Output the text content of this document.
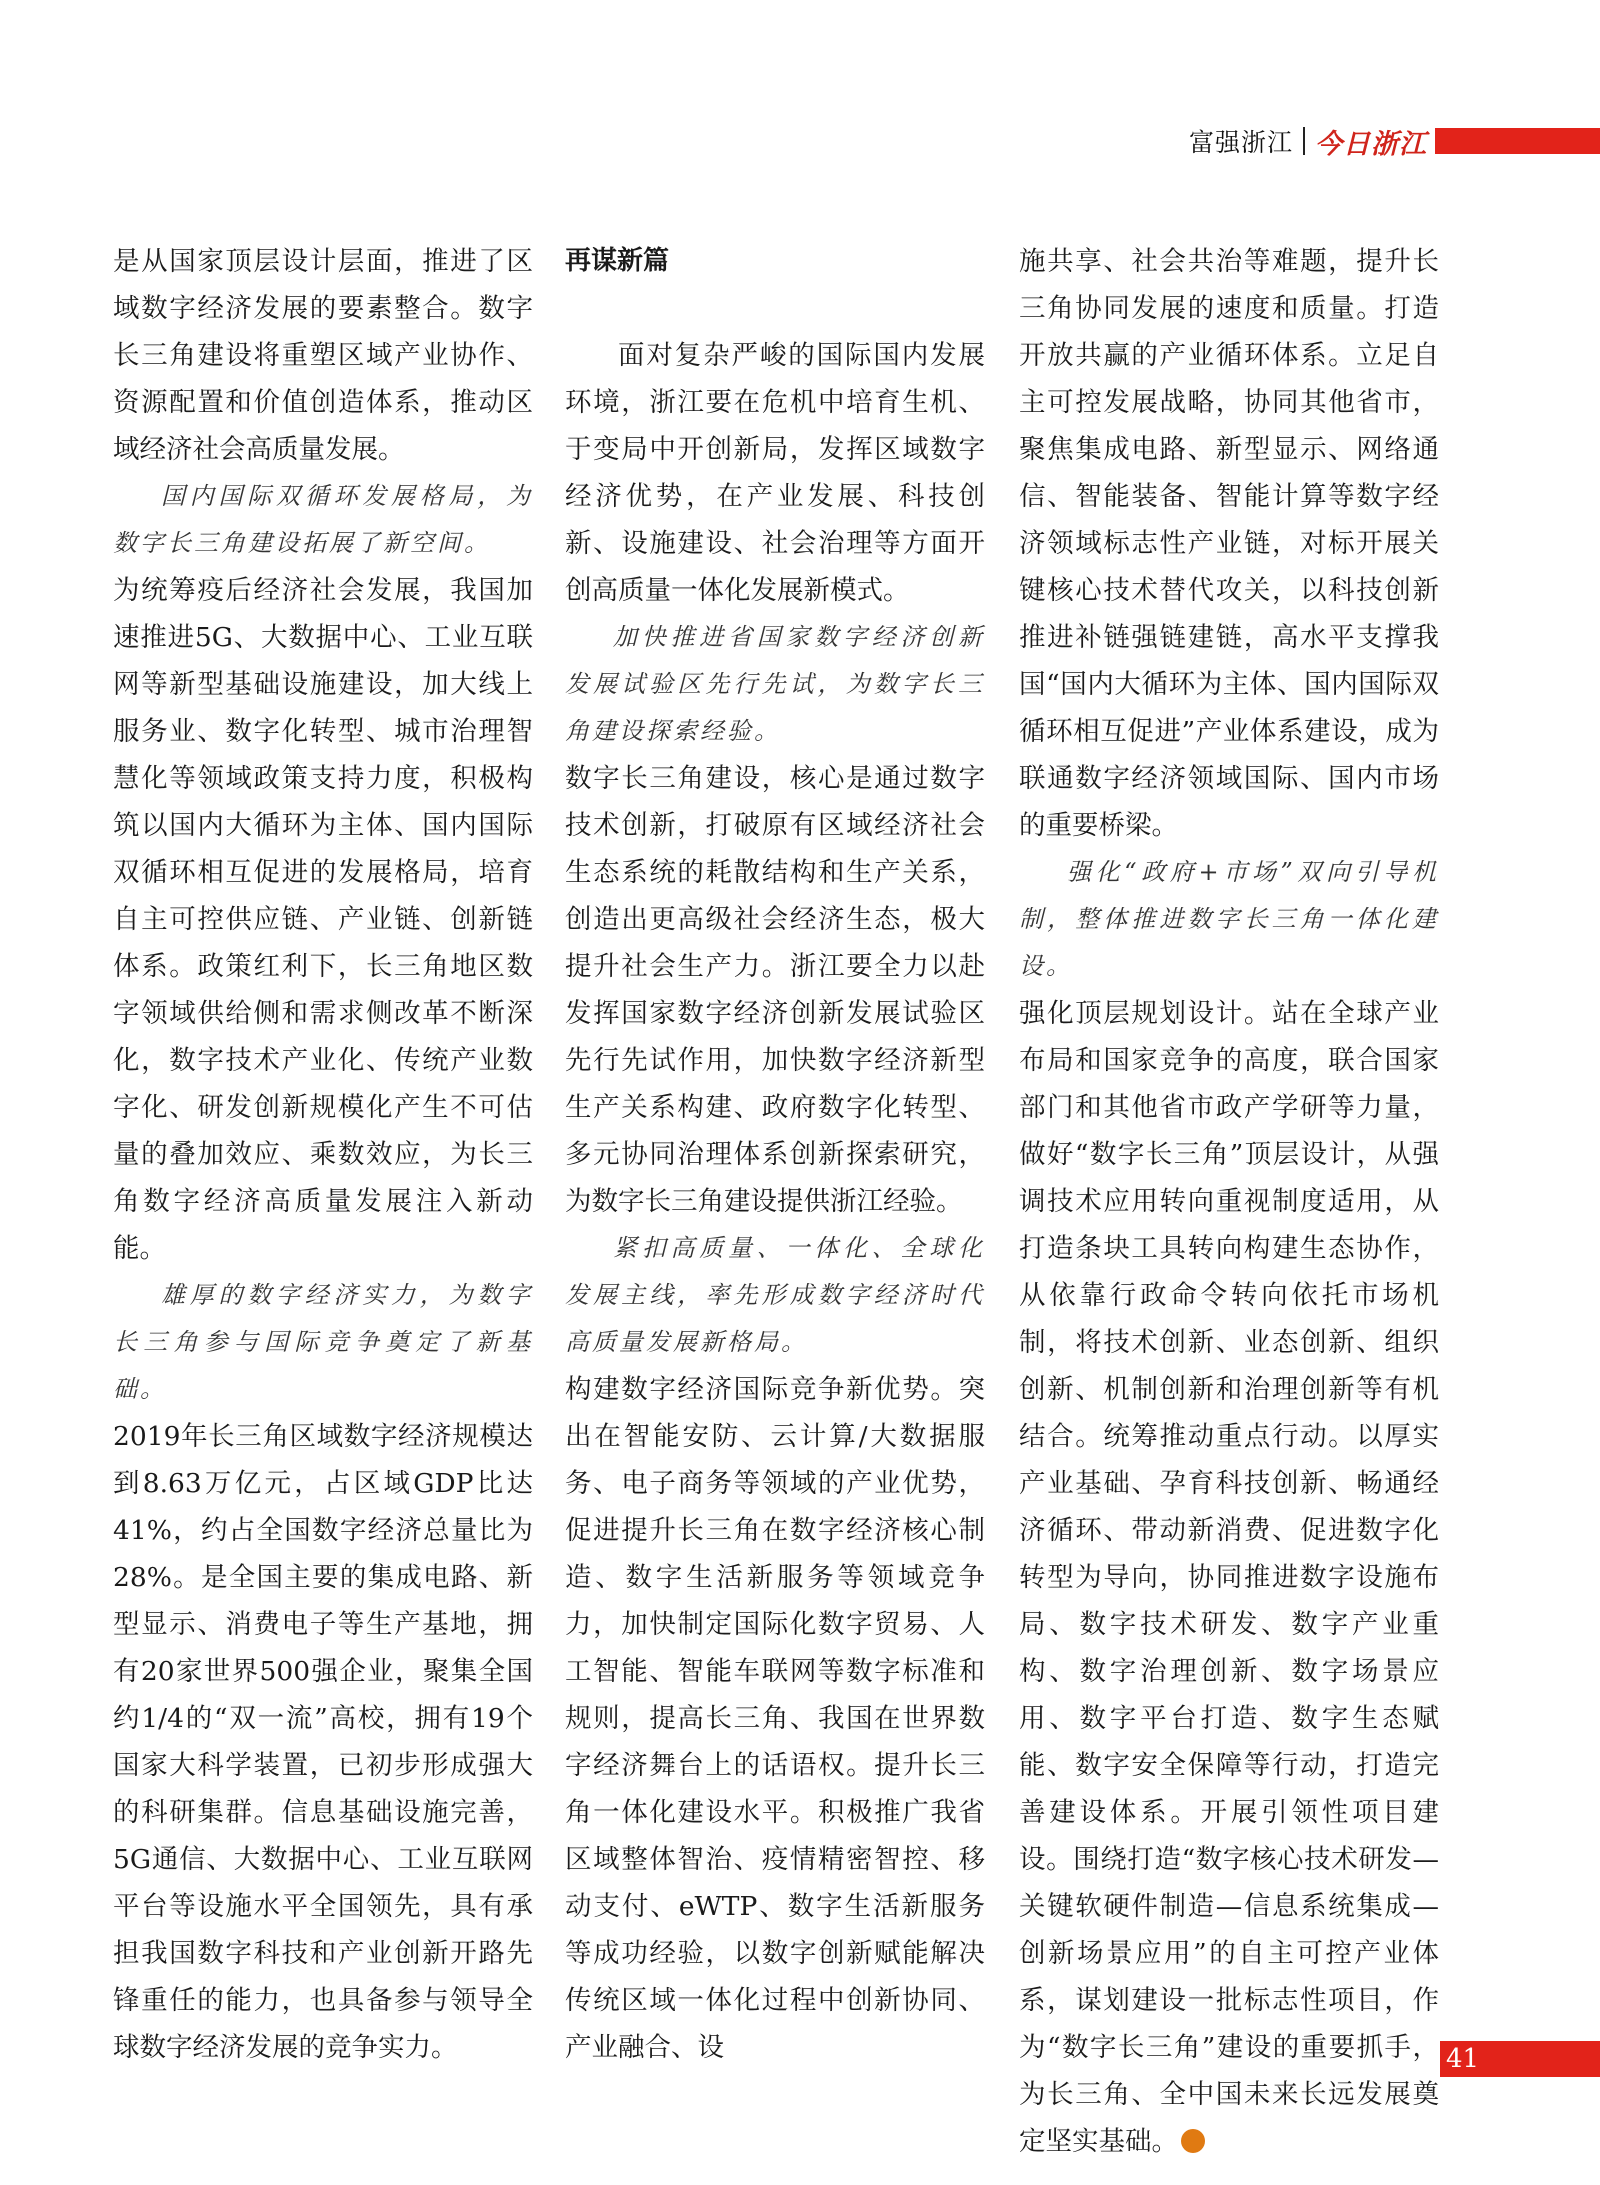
富强浙江 今日浙江

是从国家顶层设计层面，推进了区域数字经济发展的要素整合。数字长三角建设将重塑区域产业协作、资源配置和价值创造体系，推动区域经济社会高质量发展。

国内国际双循环发展格局，为数字长三角建设拓展了新空间。

为统筹疫后经济社会发展，我国加速推进5G、大数据中心、工业互联网等新型基础设施建设，加大线上服务业、数字化转型、城市治理智慧化等领域政策支持力度，积极构筑以国内大循环为主体、国内国际双循环相互促进的发展格局，培育自主可控供应链、产业链、创新链体系。政策红利下，长三角地区数字领域供给侧和需求侧改革不断深化，数字技术产业化、传统产业数字化、研发创新规模化产生不可估量的叠加效应、乘数效应，为长三角数字经济高质量发展注入新动能。

雄厚的数字经济实力，为数字长三角参与国际竞争奠定了新基础。

2019年长三角区域数字经济规模达到8.63万亿元，占区域GDP比达41%，约占全国数字经济总量比为28%。是全国主要的集成电路、新型显示、消费电子等生产基地，拥有20家世界500强企业，聚集全国约1/4的“双一流”高校，拥有19个国家大科学装置，已初步形成强大的科研集群。信息基础设施完善，5G通信、大数据中心、工业互联网平台等设施水平全国领先，具有承担我国数字科技和产业创新开路先锋重任的能力，也具备参与领导全球数字经济发展的竞争实力。

再谋新篇

面对复杂严峻的国际国内发展环境，浙江要在危机中培育生机、于变局中开创新局，发挥区域数字经济优势，在产业发展、科技创新、设施建设、社会治理等方面开创高质量一体化发展新模式。

加快推进省国家数字经济创新发展试验区先行先试，为数字长三角建设探索经验。

数字长三角建设，核心是通过数字技术创新，打破原有区域经济社会生态系统的耗散结构和生产关系，创造出更高级社会经济生态，极大提升社会生产力。浙江要全力以赴发挥国家数字经济创新发展试验区先行先试作用，加快数字经济新型生产关系构建、政府数字化转型、多元协同治理体系创新探索研究，为数字长三角建设提供浙江经验。

紧扣高质量、一体化、全球化发展主线，率先形成数字经济时代高质量发展新格局。

构建数字经济国际竞争新优势。突出在智能安防、云计算/大数据服务、电子商务等领域的产业优势，促进提升长三角在数字经济核心制造、数字生活新服务等领域竞争力，加快制定国际化数字贸易、人工智能、智能车联网等数字标准和规则，提高长三角、我国在世界数字经济舞台上的话语权。提升长三角一体化建设水平。积极推广我省区域整体智治、疫情精密智控、移动支付、eWTP、数字生活新服务等成功经验，以数字创新赋能解决传统区域一体化过程中创新协同、产业融合、设

施共享、社会共治等难题，提升长三角协同发展的速度和质量。打造开放共赢的产业循环体系。立足自主可控发展战略，协同其他省市，聚焦集成电路、新型显示、网络通信、智能装备、智能计算等数字经济领域标志性产业链，对标开展关键核心技术替代攻关，以科技创新推进补链强链建链，高水平支撑我国“国内大循环为主体、国内国际双循环相互促进”产业体系建设，成为联通数字经济领域国际、国内市场的重要桥梁。

强化“政府+市场”双向引导机制，整体推进数字长三角一体化建设。

强化顶层规划设计。站在全球产业布局和国家竞争的高度，联合国家部门和其他省市政产学研等力量，做好“数字长三角”顶层设计，从强调技术应用转向重视制度适用，从打造条块工具转向构建生态协作，从依靠行政命令转向依托市场机制，将技术创新、业态创新、组织创新、机制创新和治理创新等有机结合。统筹推动重点行动。以厚实产业基础、孕育科技创新、畅通经济循环、带动新消费、促进数字化转型为导向，协同推进数字设施布局、数字技术研发、数字产业重构、数字治理创新、数字场景应用、数字平台打造、数字生态赋能、数字安全保障等行动，打造完善建设体系。开展引领性项目建设。围绕打造“数字核心技术研发—关键软硬件制造—信息系统集成—创新场景应用”的自主可控产业体系，谋划建设一批标志性项目，作为“数字长三角”建设的重要抓手，为长三角、全中国未来长远发展奠定坚实基础。

41
